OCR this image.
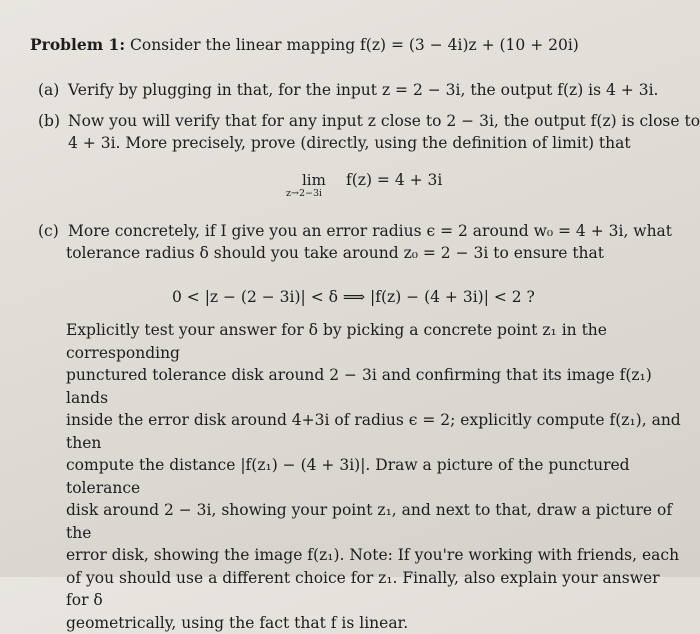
Problem 1: Consider the linear mapping f(z) = (3 − 4i)z + (10 + 20i)
(a) Verify by plugging in that, for the input z = 2 − 3i, the output f(z) is 4 + 3i.
(b) Now you will verify that for any input z close to 2 − 3i, the output f(z) is close to
4 + 3i. More precisely, prove (directly, using the definition of limit) that
lim
z→2−3i
f(z) = 4 + 3i
(c) More concretely, if I give you an error radius ϵ = 2 around w₀ = 4 + 3i, what
tolerance radius δ should you take around z₀ = 2 − 3i to ensure that
0 < |z − (2 − 3i)| < δ ⟹ |f(z) − (4 + 3i)| < 2 ?

Explicitly test your answer for δ by picking a concrete point z₁ in the corresponding

punctured tolerance disk around 2 − 3i and confirming that its image f(z₁) lands

inside the error disk around 4+3i of radius ϵ = 2; explicitly compute f(z₁), and then

compute the distance |f(z₁) − (4 + 3i)|. Draw a picture of the punctured tolerance

disk around 2 − 3i, showing your point z₁, and next to that, draw a picture of the

error disk, showing the image f(z₁). Note: If you're working with friends, each

of you should use a different choice for z₁. Finally, also explain your answer for δ

geometrically, using the fact that f is linear.
